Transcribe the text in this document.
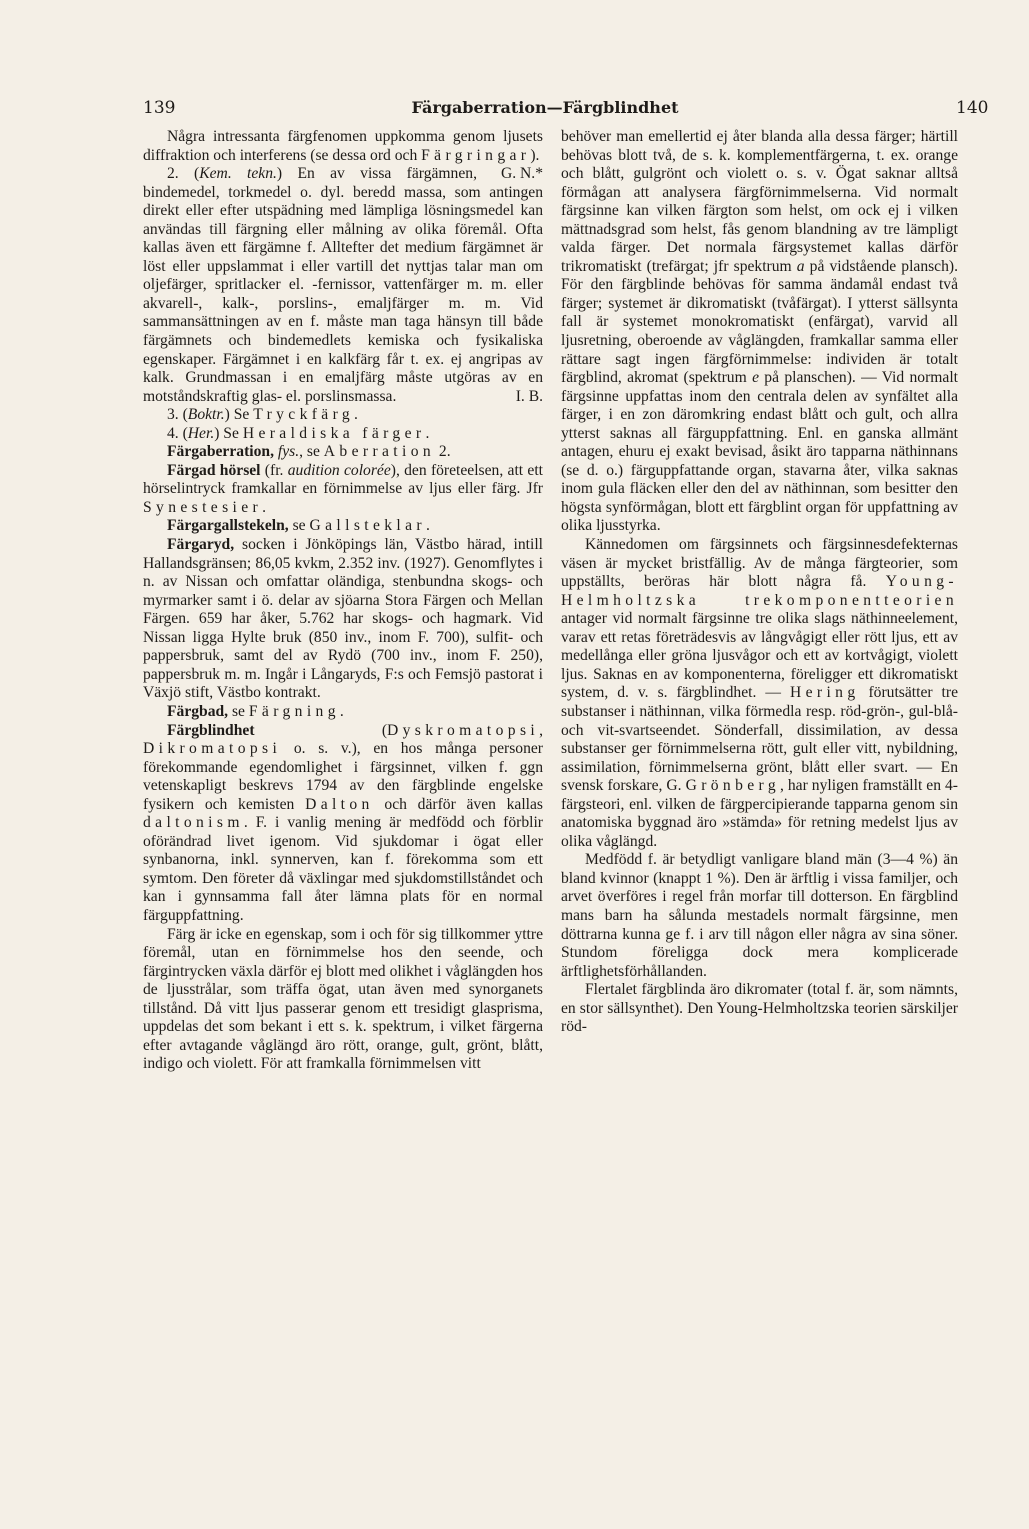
139	Färgaberration—Färgblindhet	140

Några intressanta färgfenomen uppkomma genom ljusets diffraktion och interferens (se dessa ord och Färgringar).
G. N.*

2. (Kem. tekn.) En av vissa färgämnen, bindemedel, torkmedel o. dyl. beredd massa, som antingen direkt eller efter utspädning med lämpliga lösningsmedel kan användas till färgning eller målning av olika föremål. Ofta kallas även ett färgämne f. Alltefter det medium färgämnet är löst eller uppslammat i eller vartill det nyttjas talar man om oljefärger, spritlacker el. -fernissor, vattenfärger m. m. eller akvarell-, kalk-, porslins-, emaljfärger m. m. Vid sammansättningen av en f. måste man taga hänsyn till både färgämnets och bindemedlets kemiska och fysikaliska egenskaper. Färgämnet i en kalkfärg får t. ex. ej angripas av kalk. Grundmassan i en emaljfärg måste utgöras av en motståndskraftig glas- el. porslinsmassa.	I. B.

3. (Boktr.) Se Tryckfärg.

4. (Her.) Se Heraldiska färger.

Färgaberration, fys., se Aberration 2.

Färgad hörsel (fr. audition colorée), den företeelsen, att ett hörselintryck framkallar en förnimmelse av ljus eller färg. Jfr Synestesier.

Färgargallstekeln, se Gallsteklar.

Färgaryd, socken i Jönköpings län, Västbo härad, intill Hallandsgränsen; 86,05 kvkm, 2.352 inv. (1927). Genomflytes i n. av Nissan och omfattar oländiga, stenbundna skogs- och myrmarker samt i ö. delar av sjöarna Stora Färgen och Mellan Färgen. 659 har åker, 5.762 har skogs- och hagmark. Vid Nissan ligga Hylte bruk (850 inv., inom F. 700), sulfit- och pappersbruk, samt del av Rydö (700 inv., inom F. 250), pappersbruk m. m. Ingår i Långaryds, F:s och Femsjö pastorat i Växjö stift, Västbo kontrakt.

Färgbad, se Färgning.

Färgblindhet (Dyskromatopsi, Dikromatopsi o. s. v.), en hos många personer förekommande egendomlighet i färgsinnet, vilken f. ggn vetenskapligt beskrevs 1794 av den färgblinde engelske fysikern och kemisten Dalton och därför även kallas daltonism. F. i vanlig mening är medfödd och förblir oförändrad livet igenom. Vid sjukdomar i ögat eller synbanorna, inkl. synnerven, kan f. förekomma som ett symtom. Den företer då växlingar med sjukdomstillståndet och kan i gynnsamma fall åter lämna plats för en normal färguppfattning.

Färg är icke en egenskap, som i och för sig tillkommer yttre föremål, utan en förnimmelse hos den seende, och färgintrycken växla därför ej blott med olikhet i våglängden hos de ljusstrålar, som träffa ögat, utan även med synorganets tillstånd. Då vitt ljus passerar genom ett tresidigt glasprisma, uppdelas det som bekant i ett s. k. spektrum, i vilket färgerna efter avtagande våglängd äro rött, orange, gult, grönt, blått, indigo och violett. För att framkalla förnimmelsen vitt

behöver man emellertid ej åter blanda alla dessa färger; härtill behövas blott två, de s. k. komplementfärgerna, t. ex. orange och blått, gulgrönt och violett o. s. v. Ögat saknar alltså förmågan att analysera färgförnimmelserna. Vid normalt färgsinne kan vilken färgton som helst, om ock ej i vilken mättnadsgrad som helst, fås genom blandning av tre lämpligt valda färger. Det normala färgsystemet kallas därför trikromatiskt (trefärgat; jfr spektrum a på vidstående plansch). För den färgblinde behövas för samma ändamål endast två färger; systemet är dikromatiskt (tvåfärgat). I ytterst sällsynta fall är systemet monokromatiskt (enfärgat), varvid all ljusretning, oberoende av våglängden, framkallar samma eller rättare sagt ingen färgförnimmelse: individen är totalt färgblind, akromat (spektrum e på planschen). — Vid normalt färgsinne uppfattas inom den centrala delen av synfältet alla färger, i en zon däromkring endast blått och gult, och allra ytterst saknas all färguppfattning. Enl. en ganska allmänt antagen, ehuru ej exakt bevisad, åsikt äro tapparna näthinnans (se d. o.) färguppfattande organ, stavarna åter, vilka saknas inom gula fläcken eller den del av näthinnan, som besitter den högsta synförmågan, blott ett färgblint organ för uppfattning av olika ljusstyrka.

Kännedomen om färgsinnets och färgsinnesdefekternas väsen är mycket bristfällig. Av de många färgteorier, som uppställts, beröras här blott några få. Young-Helmholtzska trekomponentteorien antager vid normalt färgsinne tre olika slags näthinneelement, varav ett retas företrädesvis av långvågigt eller rött ljus, ett av medellånga eller gröna ljusvågor och ett av kortvågigt, violett ljus. Saknas en av komponenterna, föreligger ett dikromatiskt system, d. v. s. färgblindhet. — Hering förutsätter tre substanser i näthinnan, vilka förmedla resp. röd-grön-, gul-blå- och vit-svartseendet. Sönderfall, dissimilation, av dessa substanser ger förnimmelserna rött, gult eller vitt, nybildning, assimilation, förnimmelserna grönt, blått eller svart. — En svensk forskare, G. Grönberg, har nyligen framställt en 4-färgsteori, enl. vilken de färgpercipierande tapparna genom sin anatomiska byggnad äro »stämda» för retning medelst ljus av olika våglängd.

Medfödd f. är betydligt vanligare bland män (3—4 %) än bland kvinnor (knappt 1 %). Den är ärftlig i vissa familjer, och arvet överföres i regel från morfar till dotterson. En färgblind mans barn ha sålunda mestadels normalt färgsinne, men döttrarna kunna ge f. i arv till någon eller några av sina söner. Stundom föreligga dock mera komplicerade ärftlighetsförhållanden.

Flertalet färgblinda äro dikromater (total f. är, som nämnts, en stor sällsynthet). Den Young-Helmholtzska teorien särskiljer röd-
